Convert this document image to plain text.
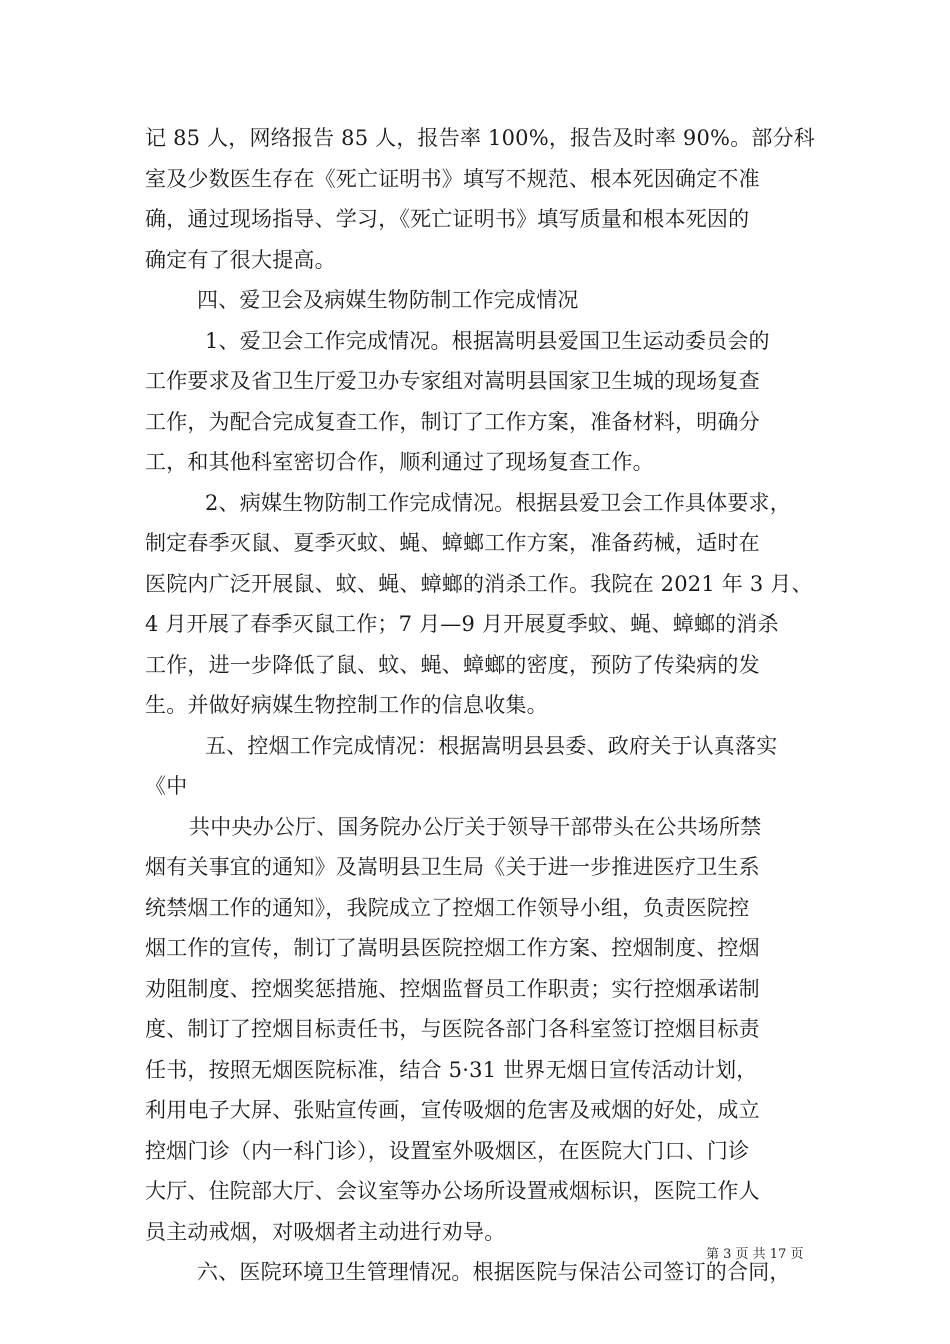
记 85 人，网络报告 85 人，报告率 100%，报告及时率 90%。部分科
室及少数医生存在《死亡证明书》填写不规范、根本死因确定不准
确，通过现场指导、学习，《死亡证明书》填写质量和根本死因的
确定有了很大提高。
四、爱卫会及病媒生物防制工作完成情况
1、爱卫会工作完成情况。根据嵩明县爱国卫生运动委员会的
工作要求及省卫生厅爱卫办专家组对嵩明县国家卫生城的现场复查
工作，为配合完成复查工作，制订了工作方案，准备材料，明确分
工，和其他科室密切合作，顺利通过了现场复查工作。
2、病媒生物防制工作完成情况。根据县爱卫会工作具体要求，
制定春季灭鼠、夏季灭蚊、蝇、蟑螂工作方案，准备药械，适时在
医院内广泛开展鼠、蚊、蝇、蟑螂的消杀工作。我院在 2021 年 3 月、
4 月开展了春季灭鼠工作；7 月—9 月开展夏季蚊、蝇、蟑螂的消杀
工作，进一步降低了鼠、蚊、蝇、蟑螂的密度，预防了传染病的发
生。并做好病媒生物控制工作的信息收集。
五、控烟工作完成情况：根据嵩明县县委、政府关于认真落实
《中
共中央办公厅、国务院办公厅关于领导干部带头在公共场所禁
烟有关事宜的通知》及嵩明县卫生局《关于进一步推进医疗卫生系
统禁烟工作的通知》，我院成立了控烟工作领导小组，负责医院控
烟工作的宣传，制订了嵩明县医院控烟工作方案、控烟制度、控烟
劝阻制度、控烟奖惩措施、控烟监督员工作职责；实行控烟承诺制
度、制订了控烟目标责任书，与医院各部门各科室签订控烟目标责
任书，按照无烟医院标准，结合 5·31 世界无烟日宣传活动计划，
利用电子大屏、张贴宣传画，宣传吸烟的危害及戒烟的好处，成立
控烟门诊（内一科门诊），设置室外吸烟区，在医院大门口、门诊
大厅、住院部大厅、会议室等办公场所设置戒烟标识，医院工作人
员主动戒烟，对吸烟者主动进行劝导。
六、医院环境卫生管理情况。根据医院与保洁公司签订的合同，
第 3 页 共 17 页
